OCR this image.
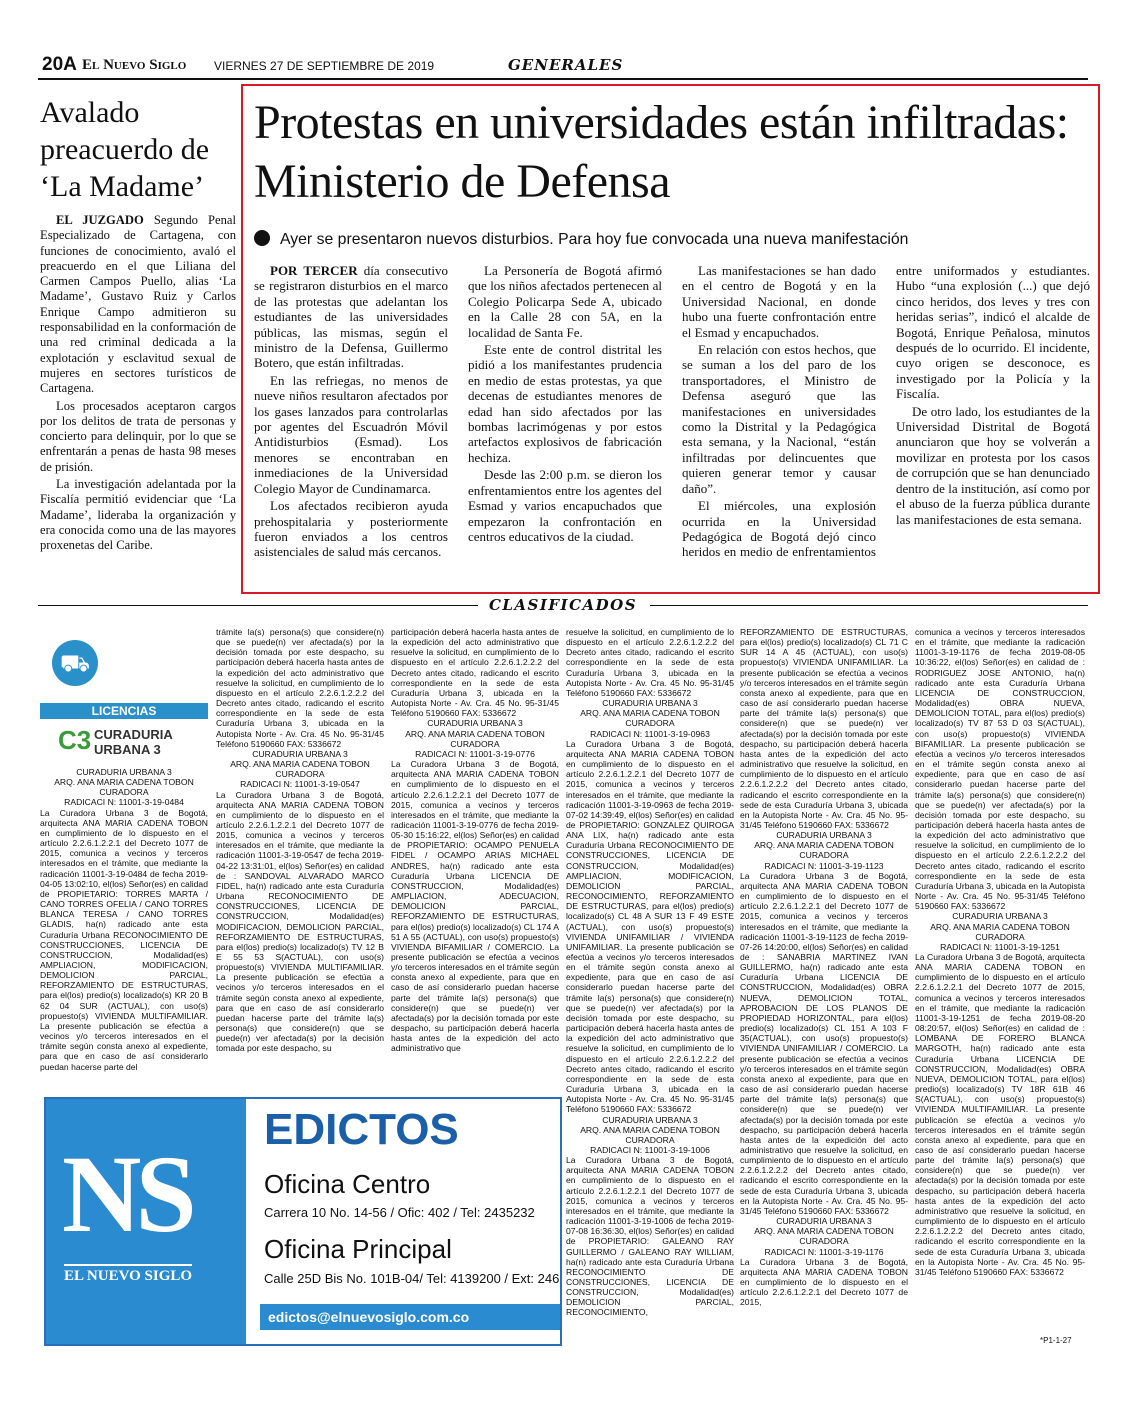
20A El Nuevo Siglo VIERNES 27 DE SEPTIEMBRE DE 2019	GENERALES
Avalado preacuerdo de ‘La Madame’

EL JUZGADO Segundo Penal Especializado de Cartagena, con funciones de conocimiento, avaló el preacuerdo en el que Liliana del Carmen Campos Puello, alias ‘La Madame’, Gustavo Ruiz y Carlos Enrique Campo admitieron su responsabilidad en la conformación de una red criminal dedicada a la explotación y esclavitud sexual de mujeres en sectores turísticos de Cartagena.

Los procesados aceptaron cargos por los delitos de trata de personas y concierto para delinquir, por lo que se enfrentarán a penas de hasta 98 meses de prisión.

La investigación adelantada por la Fiscalía permitió evidenciar que ‘La Madame’, lideraba la organización y era conocida como una de las mayores proxenetas del Caribe.

Protestas en universidades están infiltradas: Ministerio de Defensa
Ayer se presentaron nuevos disturbios. Para hoy fue convocada una nueva manifestación

POR TERCER día consecutivo se registraron disturbios en el marco de las protestas que adelantan los estudiantes de las universidades públicas, las mismas, según el ministro de la Defensa, Guillermo Botero, que están infiltradas.

En las refriegas, no menos de nueve niños resultaron afectados por los gases lanzados para controlarlas por agentes del Escuadrón Móvil Antidisturbios (Esmad). Los menores se encontraban en inmediaciones de la Universidad Colegio Mayor de Cundinamarca.

Los afectados recibieron ayuda prehospitalaria y posteriormente fueron enviados a los centros asistenciales de salud más cercanos.

La Personería de Bogotá afirmó que los niños afectados pertenecen al Colegio Policarpa Sede A, ubicado en la Calle 28 con 5A, en la localidad de Santa Fe.

Este ente de control distrital les pidió a los manifestantes prudencia en medio de estas protestas, ya que decenas de estudiantes menores de edad han sido afectados por las bombas lacrimógenas y por estos artefactos explosivos de fabricación hechiza.

Desde las 2:00 p.m. se dieron los enfrentamientos entre los agentes del Esmad y varios encapuchados que empezaron la confrontación en centros educativos de la ciudad.

Las manifestaciones se han dado en el centro de Bogotá y en la Universidad Nacional, en donde hubo una fuerte confrontación entre el Esmad y encapuchados.

En relación con estos hechos, que se suman a los del paro de los transportadores, el Ministro de Defensa aseguró que las manifestaciones en universidades como la Distrital y la Pedagógica esta semana, y la Nacional, “están infiltradas por delincuentes que quieren generar temor y causar daño”.

El miércoles, una explosión ocurrida en la Universidad Pedagógica de Bogotá dejó cinco heridos en medio de enfrentamientos entre uniformados y estudiantes. Hubo “una explosión (...) que dejó cinco heridos, dos leves y tres con heridas serias”, indicó el alcalde de Bogotá, Enrique Peñalosa, minutos después de lo ocurrido. El incidente, cuyo origen se desconoce, es investigado por la Policía y la Fiscalía.

De otro lado, los estudiantes de la Universidad Distrital de Bogotá anunciaron que hoy se volverán a movilizar en protesta por los casos de corrupción que se han denunciado dentro de la institución, así como por el abuso de la fuerza pública durante las manifestaciones de esta semana.

CLASIFICADOS
⛟
LICENCIAS
C3 CURADURIA URBANA 3
CURADURIA URBANA 3
ARQ. ANA MARIA CADENA TOBON
CURADORA
RADICACI N: 11001-3-19-0484

La Curadora Urbana 3 de Bogotá, arquitecta ANA MARIA CADENA TOBON en cumplimiento de lo dispuesto en el artículo 2.2.6.1.2.2.1 del Decreto 1077 de 2015, comunica a vecinos y terceros interesados en el trámite, que mediante la radicación 11001-3-19-0484 de fecha 2019-04-05 13:02:10, el(los) Señor(es) en calidad de PROPIETARIO: TORRES MARTA / CANO TORRES OFELIA / CANO TORRES BLANCA TERESA / CANO TORRES GLADIS, ha(n) radicado ante esta Curaduría Urbana RECONOCIMIENTO DE CONSTRUCCIONES, LICENCIA DE CONSTRUCCION, Modalidad(es) AMPLIACION, MODIFICACION, DEMOLICION PARCIAL, REFORZAMIENTO DE ESTRUCTURAS, para el(los) predio(s) localizado(s) KR 20 B 62 04 SUR (ACTUAL), con uso(s) propuesto(s) VIVIENDA MULTIFAMILIAR. La presente publicación se efectúa a vecinos y/o terceros interesados en el trámite según consta anexo al expediente, para que en caso de así considerarlo puedan hacerse parte del

trámite la(s) persona(s) que considere(n) que se puede(n) ver afectada(s) por la decisión tomada por este despacho, su participación deberá hacerla hasta antes de la expedición del acto administrativo que resuelve la solicitud, en cumplimiento de lo dispuesto en el artículo 2.2.6.1.2.2.2 del Decreto antes citado, radicando el escrito correspondiente en la sede de esta Curaduría Urbana 3, ubicada en la Autopista Norte - Av. Cra. 45 No. 95-31/45 Teléfono 5190660 FAX: 5336672

CURADURIA URBANA 3
ARQ. ANA MARIA CADENA TOBON
CURADORA
RADICACI N: 11001-3-19-0547

La Curadora Urbana 3 de Bogotá, arquitecta ANA MARIA CADENA TOBON en cumplimiento de lo dispuesto en el artículo 2.2.6.1.2.2.1 del Decreto 1077 de 2015, comunica a vecinos y terceros interesados en el trámite, que mediante la radicación 11001-3-19-0547 de fecha 2019-04-22 13:31:01, el(los) Señor(es) en calidad de : SANDOVAL ALVARADO MARCO FIDEL, ha(n) radicado ante esta Curaduría Urbana RECONOCIMIENTO DE CONSTRUCCIONES, LICENCIA DE CONSTRUCCION, Modalidad(es) MODIFICACION, DEMOLICION PARCIAL, REFORZAMIENTO DE ESTRUCTURAS, para el(los) predio(s) localizado(s) TV 12 B E 55 53 S(ACTUAL), con uso(s) propuesto(s) VIVIENDA MULTIFAMILIAR. La presente publicación se efectúa a vecinos y/o terceros interesados en el trámite según consta anexo al expediente, para que en caso de así considerarlo puedan hacerse parte del trámite la(s) persona(s) que considere(n) que se puede(n) ver afectada(s) por la decisión tomada por este despacho, su

participación deberá hacerla hasta antes de la expedición del acto administrativo que resuelve la solicitud, en cumplimiento de lo dispuesto en el artículo 2.2.6.1.2.2.2 del Decreto antes citado, radicando el escrito correspondiente en la sede de esta Curaduría Urbana 3, ubicada en la Autopista Norte - Av. Cra. 45 No. 95-31/45 Teléfono 5190660 FAX: 5336672

CURADURIA URBANA 3
ARQ. ANA MARIA CADENA TOBON
CURADORA
RADICACI N: 11001-3-19-0776

La Curadora Urbana 3 de Bogotá, arquitecta ANA MARIA CADENA TOBON en cumplimiento de lo dispuesto en el artículo 2.2.6.1.2.2.1 del Decreto 1077 de 2015, comunica a vecinos y terceros interesados en el trámite, que mediante la radicación 11001-3-19-0776 de fecha 2019-05-30 15:16:22, el(los) Señor(es) en calidad de PROPIETARIO: OCAMPO PENUELA FIDEL / OCAMPO ARIAS MICHAEL ANDRES, ha(n) radicado ante esta Curaduría Urbana LICENCIA DE CONSTRUCCION, Modalidad(es) AMPLIACION, ADECUACION, DEMOLICION PARCIAL, REFORZAMIENTO DE ESTRUCTURAS, para el(los) predio(s) localizado(s) CL 174 A 51 A 55 (ACTUAL), con uso(s) propuesto(s) VIVIENDA BIFAMILIAR / COMERCIO. La presente publicación se efectúa a vecinos y/o terceros interesados en el trámite según consta anexo al expediente, para que en caso de así considerarlo puedan hacerse parte del trámite la(s) persona(s) que considere(n) que se puede(n) ver afectada(s) por la decisión tomada por este despacho, su participación deberá hacerla hasta antes de la expedición del acto administrativo que

resuelve la solicitud, en cumplimiento de lo dispuesto en el artículo 2.2.6.1.2.2.2 del Decreto antes citado, radicando el escrito correspondiente en la sede de esta Curaduría Urbana 3, ubicada en la Autopista Norte - Av. Cra. 45 No. 95-31/45 Teléfono 5190660 FAX: 5336672

CURADURIA URBANA 3
ARQ. ANA MARIA CADENA TOBON
CURADORA
RADICACI N: 11001-3-19-0963

La Curadora Urbana 3 de Bogotá, arquitecta ANA MARIA CADENA TOBON en cumplimiento de lo dispuesto en el artículo 2.2.6.1.2.2.1 del Decreto 1077 de 2015, comunica a vecinos y terceros interesados en el trámite, que mediante la radicación 11001-3-19-0963 de fecha 2019-07-02 14:39:49, el(los) Señor(es) en calidad de PROPIETARIO: GONZALEZ QUIROGA ANA LIX, ha(n) radicado ante esta Curaduría Urbana RECONOCIMIENTO DE CONSTRUCCIONES, LICENCIA DE CONSTRUCCION, Modalidad(es) AMPLIACION, MODIFICACION, DEMOLICION PARCIAL, RECONOCIMIENTO, REFORZAMIENTO DE ESTRUCTURAS, para el(los) predio(s) localizado(s) CL 48 A SUR 13 F 49 ESTE (ACTUAL), con uso(s) propuesto(s) VIVIENDA UNIFAMILIAR / VIVIENDA UNIFAMILIAR. La presente publicación se efectúa a vecinos y/o terceros interesados en el trámite según consta anexo al expediente, para que en caso de así considerarlo puedan hacerse parte del trámite la(s) persona(s) que considere(n) que se puede(n) ver afectada(s) por la decisión tomada por este despacho, su participación deberá hacerla hasta antes de la expedición del acto administrativo que resuelve la solicitud, en cumplimiento de lo dispuesto en el artículo 2.2.6.1.2.2.2 del Decreto antes citado, radicando el escrito correspondiente en la sede de esta Curaduría Urbana 3, ubicada en la Autopista Norte - Av. Cra. 45 No. 95-31/45 Teléfono 5190660 FAX: 5336672

CURADURIA URBANA 3
ARQ. ANA MARIA CADENA TOBON
CURADORA
RADICACI N: 11001-3-19-1006

La Curadora Urbana 3 de Bogotá, arquitecta ANA MARIA CADENA TOBON en cumplimiento de lo dispuesto en el artículo 2.2.6.1.2.2.1 del Decreto 1077 de 2015, comunica a vecinos y terceros interesados en el trámite, que mediante la radicación 11001-3-19-1006 de fecha 2019-07-08 16:36:30, el(los) Señor(es) en calidad de PROPIETARIO: GALEANO RAY GUILLERMO / GALEANO RAY WILLIAM, ha(n) radicado ante esta Curaduría Urbana RECONOCIMIENTO DE CONSTRUCCIONES, LICENCIA DE CONSTRUCCION, Modalidad(es) DEMOLICION PARCIAL, RECONOCIMIENTO,

REFORZAMIENTO DE ESTRUCTURAS, para el(los) predio(s) localizado(s) CL 71 C SUR 14 A 45 (ACTUAL), con uso(s) propuesto(s) VIVIENDA UNIFAMILIAR. La presente publicación se efectúa a vecinos y/o terceros interesados en el trámite según consta anexo al expediente, para que en caso de así considerarlo puedan hacerse parte del trámite la(s) persona(s) que considere(n) que se puede(n) ver afectada(s) por la decisión tomada por este despacho, su participación deberá hacerla hasta antes de la expedición del acto administrativo que resuelve la solicitud, en cumplimiento de lo dispuesto en el artículo 2.2.6.1.2.2.2 del Decreto antes citado, radicando el escrito correspondiente en la sede de esta Curaduría Urbana 3, ubicada en la Autopista Norte - Av. Cra. 45 No. 95-31/45 Teléfono 5190660 FAX: 5336672

CURADURIA URBANA 3
ARQ. ANA MARIA CADENA TOBON
CURADORA
RADICACI N: 11001-3-19-1123

La Curadora Urbana 3 de Bogotá, arquitecta ANA MARIA CADENA TOBON en cumplimiento de lo dispuesto en el artículo 2.2.6.1.2.2.1 del Decreto 1077 de 2015, comunica a vecinos y terceros interesados en el trámite, que mediante la radicación 11001-3-19-1123 de fecha 2019-07-26 14:20:00, el(los) Señor(es) en calidad de : SANABRIA MARTINEZ IVAN GUILLERMO, ha(n) radicado ante esta Curaduría Urbana LICENCIA DE CONSTRUCCION, Modalidad(es) OBRA NUEVA, DEMOLICION TOTAL, APROBACION DE LOS PLANOS DE PROPIEDAD HORIZONTAL, para el(los) predio(s) localizado(s) CL 151 A 103 F 35(ACTUAL), con uso(s) propuesto(s) VIVIENDA UNIFAMILIAR / COMERCIO. La presente publicación se efectúa a vecinos y/o terceros interesados en el trámite según consta anexo al expediente, para que en caso de así considerarlo puedan hacerse parte del trámite la(s) persona(s) que considere(n) que se puede(n) ver afectada(s) por la decisión tomada por este despacho, su participación deberá hacerla hasta antes de la expedición del acto administrativo que resuelve la solicitud, en cumplimiento de lo dispuesto en el artículo 2.2.6.1.2.2.2 del Decreto antes citado, radicando el escrito correspondiente en la sede de esta Curaduría Urbana 3, ubicada en la Autopista Norte - Av. Cra. 45 No. 95-31/45 Teléfono 5190660 FAX: 5336672

CURADURIA URBANA 3
ARQ. ANA MARIA CADENA TOBON
CURADORA
RADICACI N: 11001-3-19-1176

La Curadora Urbana 3 de Bogotá, arquitecta ANA MARIA CADENA TOBON en cumplimiento de lo dispuesto en el artículo 2.2.6.1.2.2.1 del Decreto 1077 de 2015,

comunica a vecinos y terceros interesados en el trámite, que mediante la radicación 11001-3-19-1176 de fecha 2019-08-05 10:36:22, el(los) Señor(es) en calidad de : RODRIGUEZ JOSE ANTONIO, ha(n) radicado ante esta Curaduría Urbana LICENCIA DE CONSTRUCCION, Modalidad(es) OBRA NUEVA, DEMOLICION TOTAL, para el(los) predio(s) localizado(s) TV 87 53 D 03 S(ACTUAL), con uso(s) propuesto(s) VIVIENDA BIFAMILIAR. La presente publicación se efectúa a vecinos y/o terceros interesados en el trámite según consta anexo al expediente, para que en caso de así considerarlo puedan hacerse parte del trámite la(s) persona(s) que considere(n) que se puede(n) ver afectada(s) por la decisión tomada por este despacho, su participación deberá hacerla hasta antes de la expedición del acto administrativo que resuelve la solicitud, en cumplimiento de lo dispuesto en el artículo 2.2.6.1.2.2.2 del Decreto antes citado, radicando el escrito correspondiente en la sede de esta Curaduría Urbana 3, ubicada en la Autopista Norte - Av. Cra. 45 No. 95-31/45 Teléfono 5190660 FAX: 5336672

CURADURIA URBANA 3
ARQ. ANA MARIA CADENA TOBON
CURADORA
RADICACI N: 11001-3-19-1251

La Curadora Urbana 3 de Bogotá, arquitecta ANA MARIA CADENA TOBON en cumplimiento de lo dispuesto en el artículo 2.2.6.1.2.2.1 del Decreto 1077 de 2015, comunica a vecinos y terceros interesados en el trámite, que mediante la radicación 11001-3-19-1251 de fecha 2019-08-20 08:20:57, el(los) Señor(es) en calidad de : LOMBANA DE FORERO BLANCA MARGOTH, ha(n) radicado ante esta Curaduría Urbana LICENCIA DE CONSTRUCCION, Modalidad(es) OBRA NUEVA, DEMOLICION TOTAL, para el(los) predio(s) localizado(s) TV 18R 61B 46 S(ACTUAL), con uso(s) propuesto(s) VIVIENDA MULTIFAMILIAR. La presente publicación se efectúa a vecinos y/o terceros interesados en el trámite según consta anexo al expediente, para que en caso de así considerarlo puedan hacerse parte del trámite la(s) persona(s) que considere(n) que se puede(n) ver afectada(s) por la decisión tomada por este despacho, su participación deberá hacerla hasta antes de la expedición del acto administrativo que resuelve la solicitud, en cumplimiento de lo dispuesto en el artículo 2.2.6.1.2.2.2 del Decreto antes citado, radicando el escrito correspondiente en la sede de esta Curaduría Urbana 3, ubicada en la Autopista Norte - Av. Cra. 45 No. 95-31/45 Teléfono 5190660 FAX: 5336672

*P1-1-27
NS
EL NUEVO SIGLO
EDICTOS
Oficina Centro
Carrera 10 No. 14-56 / Ofic: 402 / Tel: 2435232
Oficina Principal
Calle 25D Bis No. 101B-04/ Tel: 4139200 / Ext: 246
edictos@elnuevosiglo.com.co
